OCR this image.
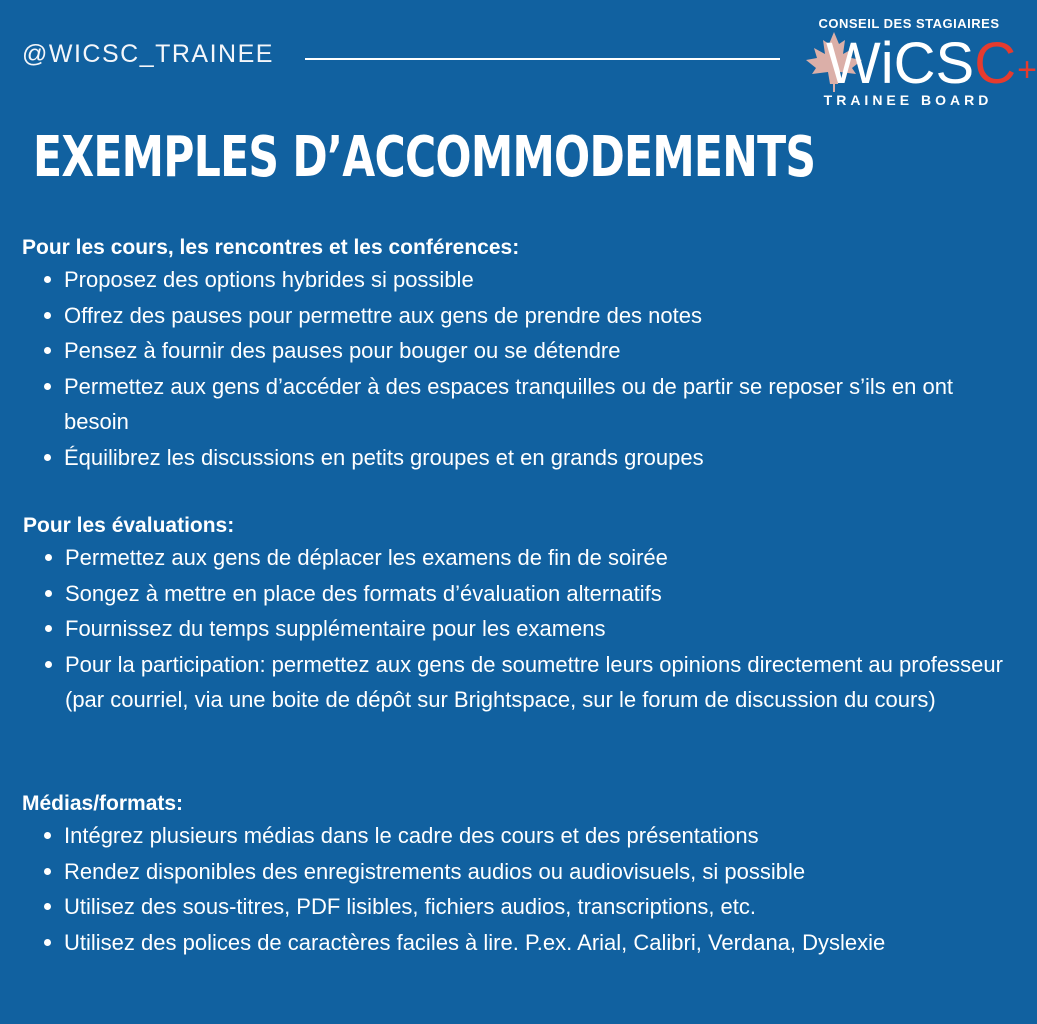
@WICSC_TRAINEE
CONSEIL DES STAGIAIRES
WiCSC+
TRAINEE BOARD
EXEMPLES D’ACCOMMODEMENTS
Pour les cours, les rencontres et les conférences:
Proposez des options hybrides si possible
Offrez des pauses pour permettre aux gens de prendre des notes
Pensez à fournir des pauses pour bouger ou se détendre
Permettez aux gens d’accéder à des espaces tranquilles ou de partir se reposer s’ils en ont besoin
Équilibrez les discussions en petits groupes et en grands groupes
Pour les évaluations:
Permettez aux gens de déplacer les examens de fin de soirée
Songez à mettre en place des formats d’évaluation alternatifs
Fournissez du temps supplémentaire pour les examens
Pour la participation: permettez aux gens de soumettre leurs opinions directement au professeur (par courriel, via une boite de dépôt sur Brightspace, sur le forum de discussion du cours)
Médias/formats:
Intégrez plusieurs médias dans le cadre des cours et des présentations
Rendez disponibles des enregistrements audios ou audiovisuels, si possible
Utilisez des sous-titres, PDF lisibles, fichiers audios, transcriptions, etc.
Utilisez des polices de caractères faciles à lire. P.ex. Arial, Calibri, Verdana, Dyslexie
